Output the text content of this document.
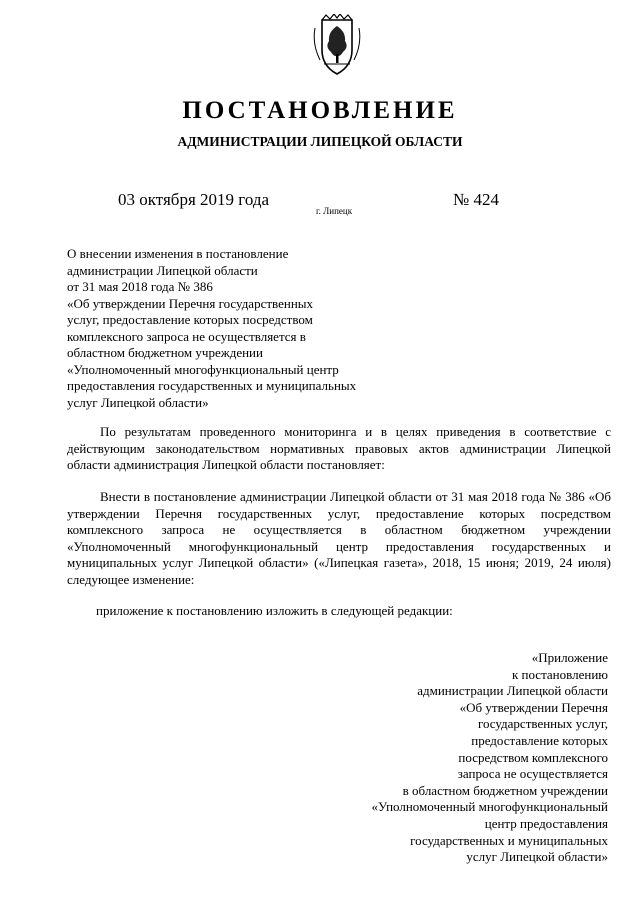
ПОСТАНОВЛЕНИЕ
АДМИНИСТРАЦИИ ЛИПЕЦКОЙ ОБЛАСТИ
03 октября 2019 года
г. Липецк
№ 424
О внесении изменения в постановление
администрации Липецкой области
от 31 мая 2018 года № 386
«Об утверждении Перечня государственных
услуг, предоставление которых посредством
комплексного запроса не осуществляется в
областном бюджетном учреждении
«Уполномоченный многофункциональный центр
предоставления государственных и муниципальных
услуг Липецкой области»
По результатам проведенного мониторинга и в целях приведения в соответствие с действующим законодательством нормативных правовых актов администрации Липецкой области администрация Липецкой области постановляет:
Внести в постановление администрации Липецкой области от 31 мая 2018 года № 386 «Об утверждении Перечня государственных услуг, предоставление которых посредством комплексного запроса не осуществляется в областном бюджетном учреждении «Уполномоченный многофункциональный центр предоставления государственных и муниципальных услуг Липецкой области» («Липецкая газета», 2018, 15 июня; 2019, 24 июля) следующее изменение:
приложение к постановлению изложить в следующей редакции:
«Приложение
к постановлению
администрации Липецкой области
«Об утверждении Перечня
государственных услуг,
предоставление которых
посредством комплексного
запроса не осуществляется
в областном бюджетном учреждении
«Уполномоченный многофункциональный
центр предоставления
государственных и муниципальных
услуг Липецкой области»
